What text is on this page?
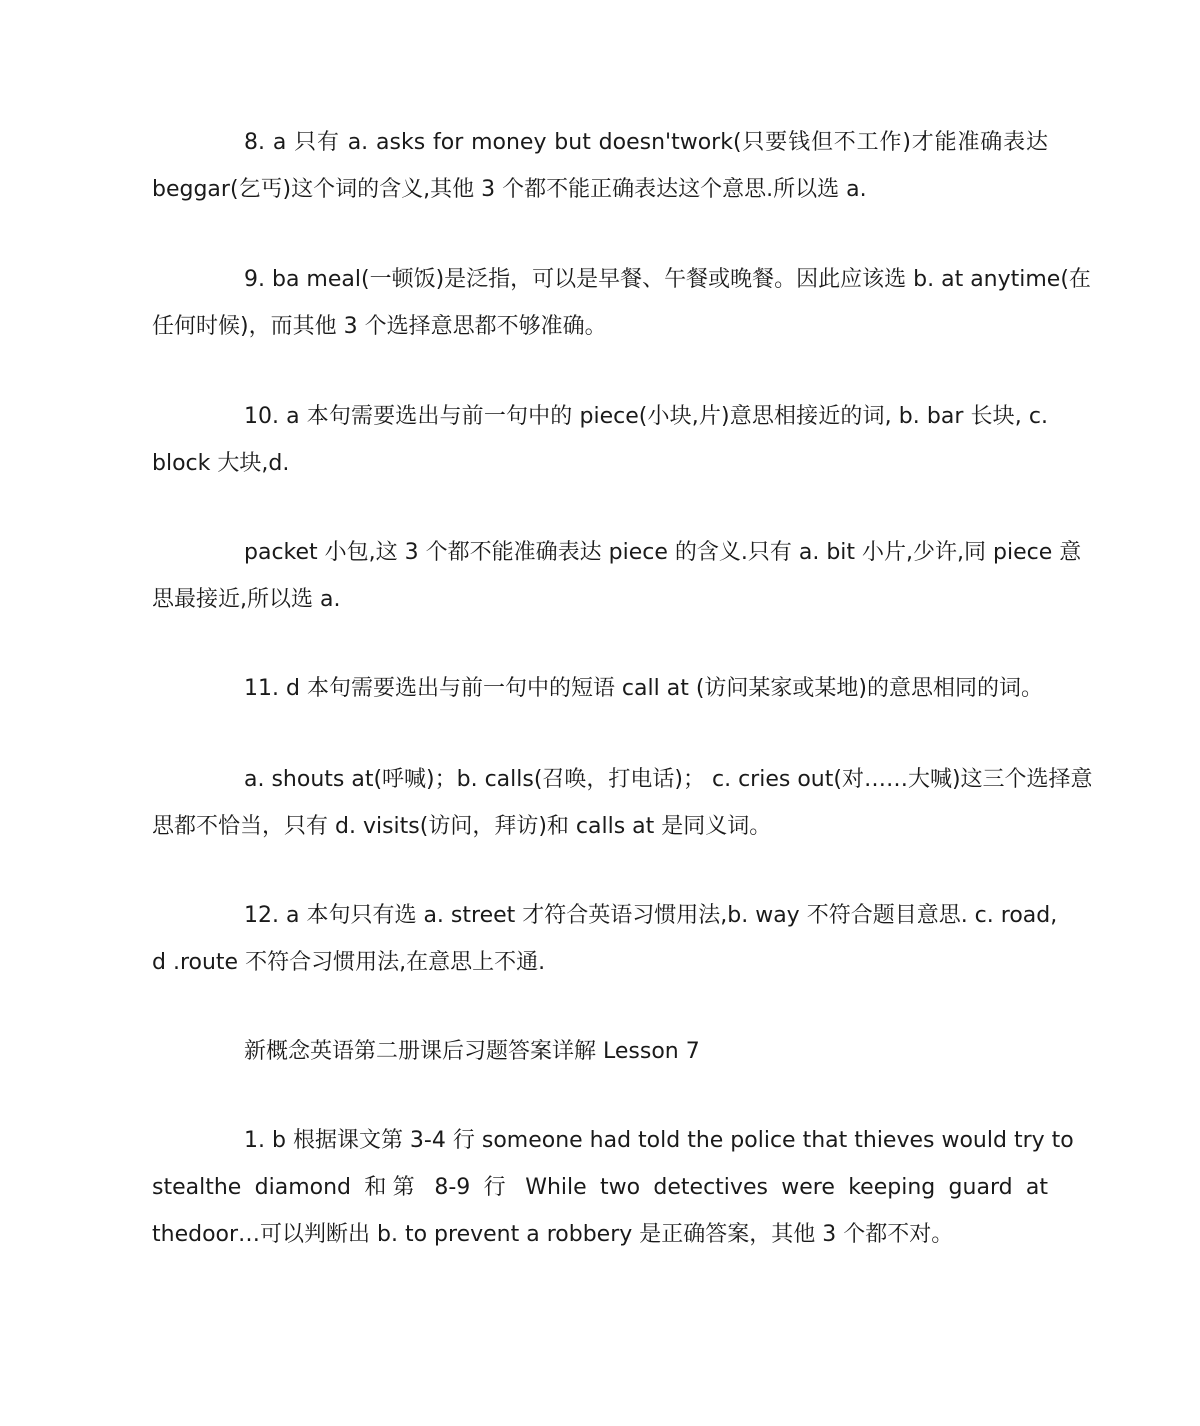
8. a 只有 a. asks for money but doesn'twork(只要钱但不工作)才能准确表达
beggar(乞丐)这个词的含义,其他 3 个都不能正确表达这个意思.所以选 a.

9. ba meal(一顿饭)是泛指，可以是早餐、午餐或晚餐。因此应该选 b. at anytime(在
任何时候)，而其他 3 个选择意思都不够准确。

10. a 本句需要选出与前一句中的 piece(小块,片)意思相接近的词, b. bar 长块, c.
block 大块,d.

packet 小包,这 3 个都不能准确表达 piece 的含义.只有 a. bit 小片,少许,同 piece 意
思最接近,所以选 a.

11. d 本句需要选出与前一句中的短语 call at (访问某家或某地)的意思相同的词。

a. shouts at(呼喊)；b. calls(召唤，打电话)； c. cries out(对……大喊)这三个选择意
思都不恰当，只有 d. visits(访问，拜访)和 calls at 是同义词。

12. a 本句只有选 a. street 才符合英语习惯用法,b. way 不符合题目意思. c. road,
d .route 不符合习惯用法,在意思上不通.

新概念英语第二册课后习题答案详解 Lesson 7

1. b 根据课文第 3-4 行 someone had told the police that thieves would try to
stealthe diamond 和第 8-9 行 While two detectives were keeping guard at
thedoor…可以判断出 b. to prevent a robbery 是正确答案，其他 3 个都不对。
